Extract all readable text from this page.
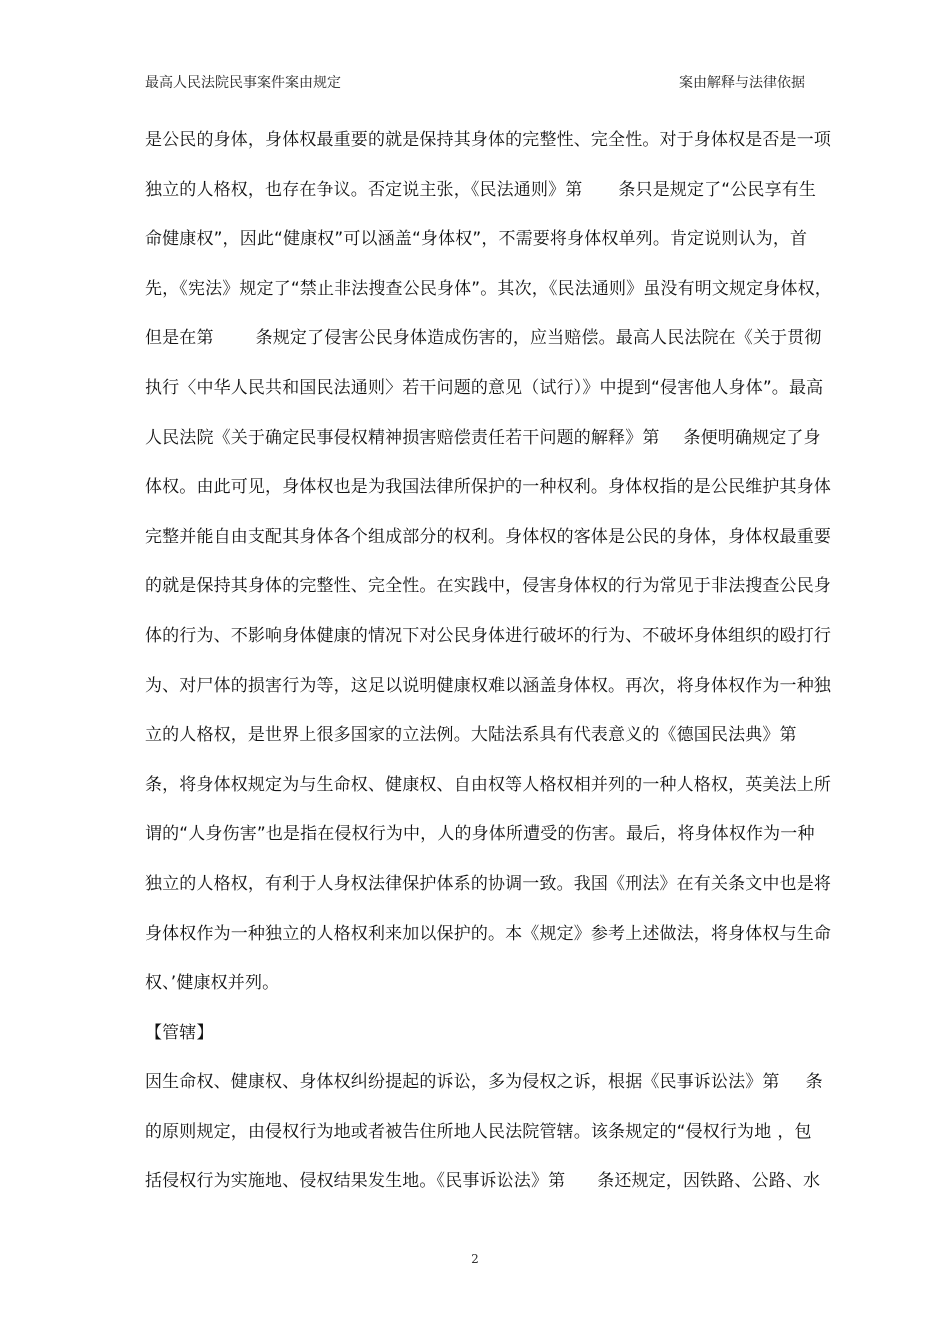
最高人民法院民事案件案由规定	案由解释与法律依据
是公民的身体，身体权最重要的就是保持其身体的完整性、完全性。对于身体权是否是一项
独立的人格权，也存在争议。否定说主张，《民法通则》第 条只是规定了“公民享有生
命健康权”，因此“健康权”可以涵盖“身体权”，不需要将身体权单列。肯定说则认为，首
先，《宪法》规定了“禁止非法搜查公民身体”。其次，《民法通则》虽没有明文规定身体权，
但是在第 条规定了侵害公民身体造成伤害的，应当赔偿。最高人民法院在《关于贯彻
执行〈中华人民共和国民法通则〉若干问题的意见（试行）》中提到“侵害他人身体”。最高
人民法院《关于确定民事侵权精神损害赔偿责任若干问题的解释》第 条便明确规定了身
体权。由此可见，身体权也是为我国法律所保护的一种权利。身体权指的是公民维护其身体
完整并能自由支配其身体各个组成部分的权利。身体权的客体是公民的身体，身体权最重要
的就是保持其身体的完整性、完全性。在实践中，侵害身体权的行为常见于非法搜查公民身
体的行为、不影响身体健康的情况下对公民身体进行破坏的行为、不破坏身体组织的殴打行
为、对尸体的损害行为等，这足以说明健康权难以涵盖身体权。再次，将身体权作为一种独
立的人格权，是世界上很多国家的立法例。大陆法系具有代表意义的《德国民法典》第
条，将身体权规定为与生命权、健康权、自由权等人格权相并列的一种人格权，英美法上所
谓的“人身伤害”也是指在侵权行为中，人的身体所遭受的伤害。最后，将身体权作为一种
独立的人格权，有利于人身权法律保护体系的协调一致。我国《刑法》在有关条文中也是将
身体权作为一种独立的人格权利来加以保护的。本《规定》参考上述做法，将身体权与生命
权、’健康权并列。
【管辖】
因生命权、健康权、身体权纠纷提起的诉讼，多为侵权之诉，根据《民事诉讼法》第 条
的原则规定，由侵权行为地或者被告住所地人民法院管辖。该条规定的“侵权行为地 ，包
括侵权行为实施地、侵权结果发生地。《民事诉讼法》第 条还规定，因铁路、公路、水
2
